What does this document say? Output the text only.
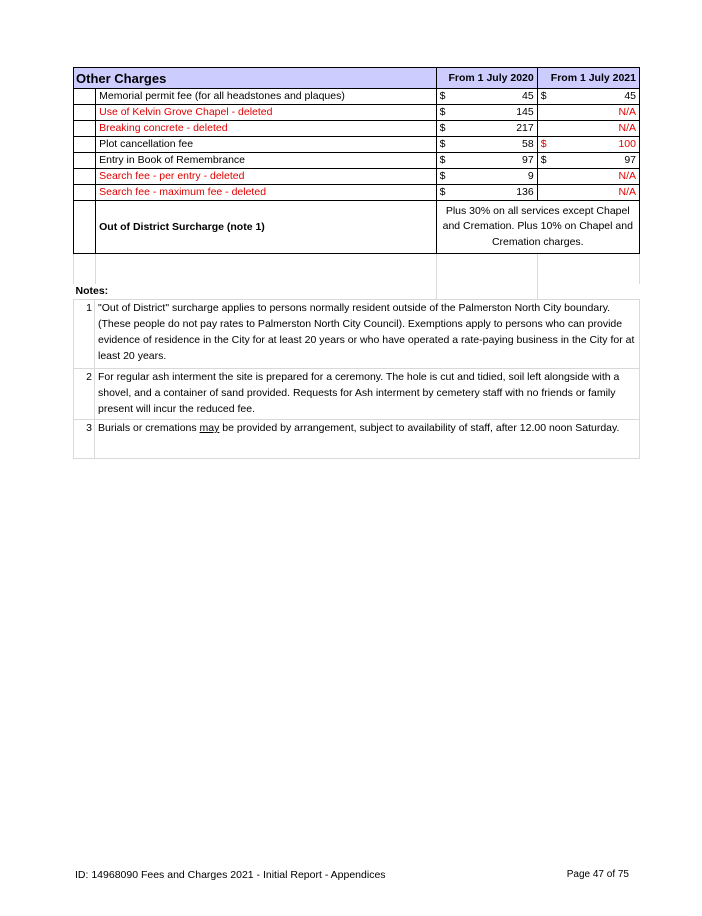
Other Charges		From 1 July 2020	From 1 July 2021
	Memorial permit fee (for all headstones and plaques)	$ 45	$ 45

	Use of Kelvin Grove Chapel - deleted	$ 145	N/A

	Breaking concrete - deleted	$ 217	N/A

	Plot cancellation fee	$ 58	$ 100

	Entry in Book of Remembrance	$ 97	$ 97

	Search fee - per entry - deleted	$ 9	N/A

	Search fee - maximum fee - deleted	$ 136	N/A

	Out of District Surcharge (note 1)	Plus 30% on all services except Chapel and Cremation. Plus 10% on Chapel and Cremation charges.	

Notes:			
1	"Out of District" surcharge applies to persons normally resident outside of the Palmerston North City boundary. (These people do not pay rates to Palmerston North City Council). Exemptions apply to persons who can provide evidence of residence in the City for at least 20 years or who have operated a rate-paying business in the City for at least 20 years.
2	For regular ash interment the site is prepared for a ceremony. The hole is cut and tidied, soil left alongside with a shovel, and a container of sand provided. Requests for Ash interment by cemetery staff with no friends or family present will incur the reduced fee.
3	Burials or cremations may be provided by arrangement, subject to availability of staff, after 12.00 noon Saturday.
ID: 14968090 Fees and Charges 2021 - Initial Report - Appendices	Page 47 of 75
